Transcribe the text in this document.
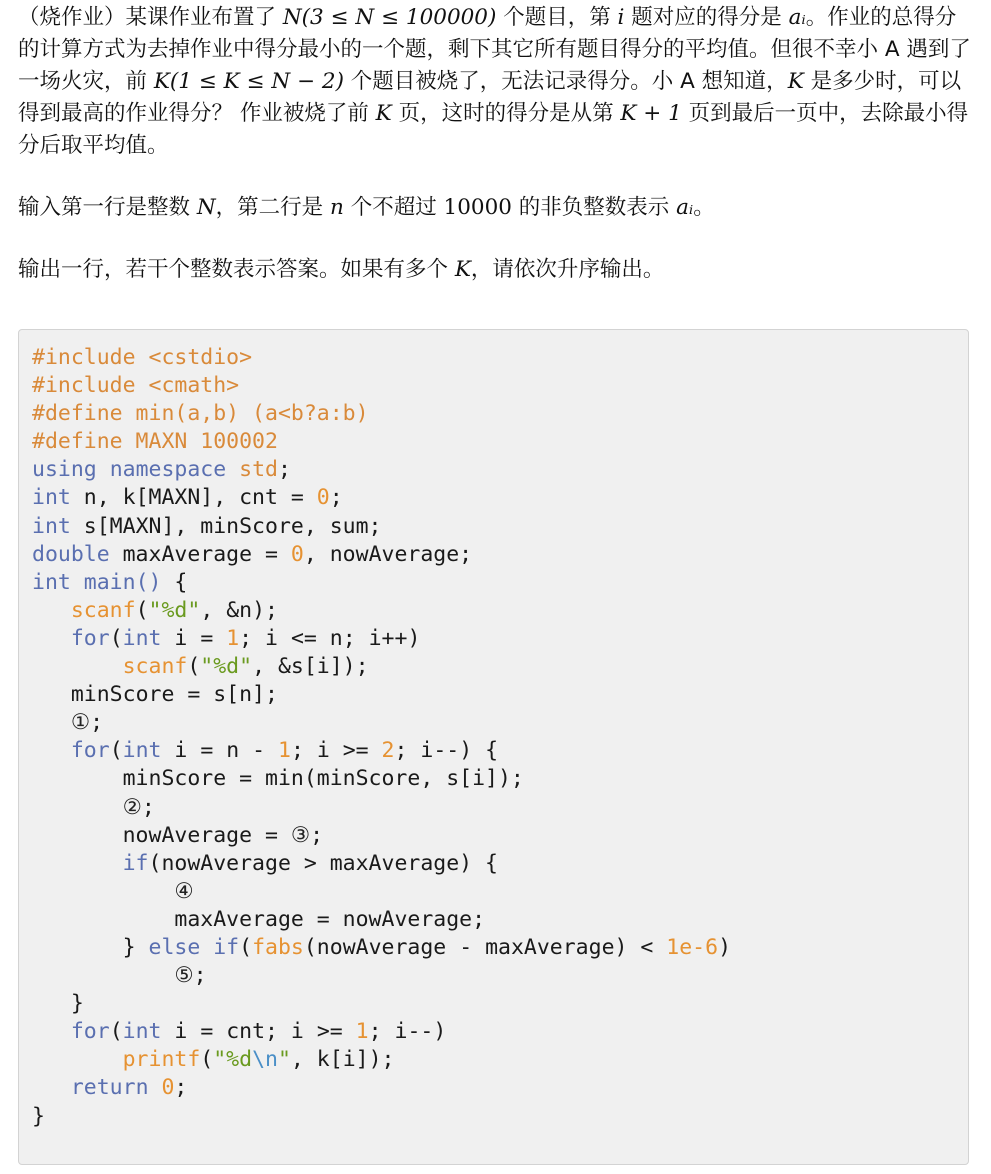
（烧作业）某课作业布置了 N(3 ≤ N ≤ 100000) 个题目，第 i 题对应的得分是 aᵢ。作业的总得分的计算方式为去掉作业中得分最小的一个题，剩下其它所有题目得分的平均值。但很不幸小 A 遇到了一场火灾，前 K(1 ≤ K ≤ N − 2) 个题目被烧了，无法记录得分。小 A 想知道，K 是多少时，可以得到最高的作业得分？ 作业被烧了前 K 页，这时的得分是从第 K + 1 页到最后一页中，去除最小得分后取平均值。

输入第一行是整数 N，第二行是 n 个不超过 10000 的非负整数表示 aᵢ。

输出一行，若干个整数表示答案。如果有多个 K，请依次升序输出。

#include <cstdio>
#include <cmath>
#define min(a,b) (a<b?a:b)
#define MAXN 100002
using namespace std;
int n, k[MAXN], cnt = 0;
int s[MAXN], minScore, sum;
double maxAverage = 0, nowAverage;
int main() {
scanf("%d", &n);
for(int i = 1; i <= n; i++)
scanf("%d", &s[i]);
minScore = s[n];
①;
for(int i = n - 1; i >= 2; i--) {
minScore = min(minScore, s[i]);
②;
nowAverage = ③;
if(nowAverage > maxAverage) {
④
maxAverage = nowAverage;
} else if(fabs(nowAverage - maxAverage) < 1e-6)
⑤;
}
for(int i = cnt; i >= 1; i--)
printf("%d\n", k[i]);
return 0;
}
